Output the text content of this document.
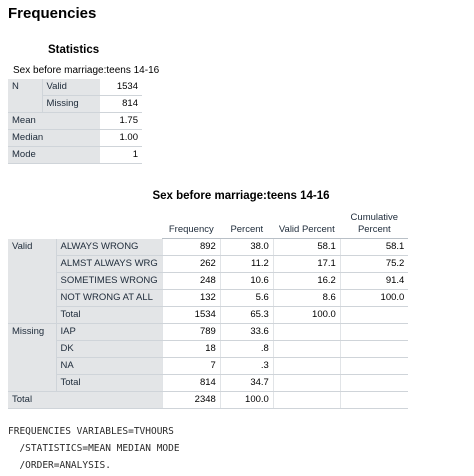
Frequencies
Statistics
Sex before marriage:teens 14-16
N	Valid	1534
	Missing	814
Mean		1.75
Median		1.00
Mode		1
Sex before marriage:teens 14-16
		Frequency	Percent	Valid Percent	Cumulative Percent
Valid	ALWAYS WRONG	892	38.0	58.1	58.1
	ALMST ALWAYS WRG	262	11.2	17.1	75.2
	SOMETIMES WRONG	248	10.6	16.2	91.4
	NOT WRONG AT ALL	132	5.6	8.6	100.0
	Total	1534	65.3	100.0	
Missing	IAP	789	33.6		
	DK	18	.8		
	NA	7	.3		
	Total	814	34.7		
Total		2348	100.0		
FREQUENCIES VARIABLES=TVHOURS
/STATISTICS=MEAN MEDIAN MODE
/ORDER=ANALYSIS.
